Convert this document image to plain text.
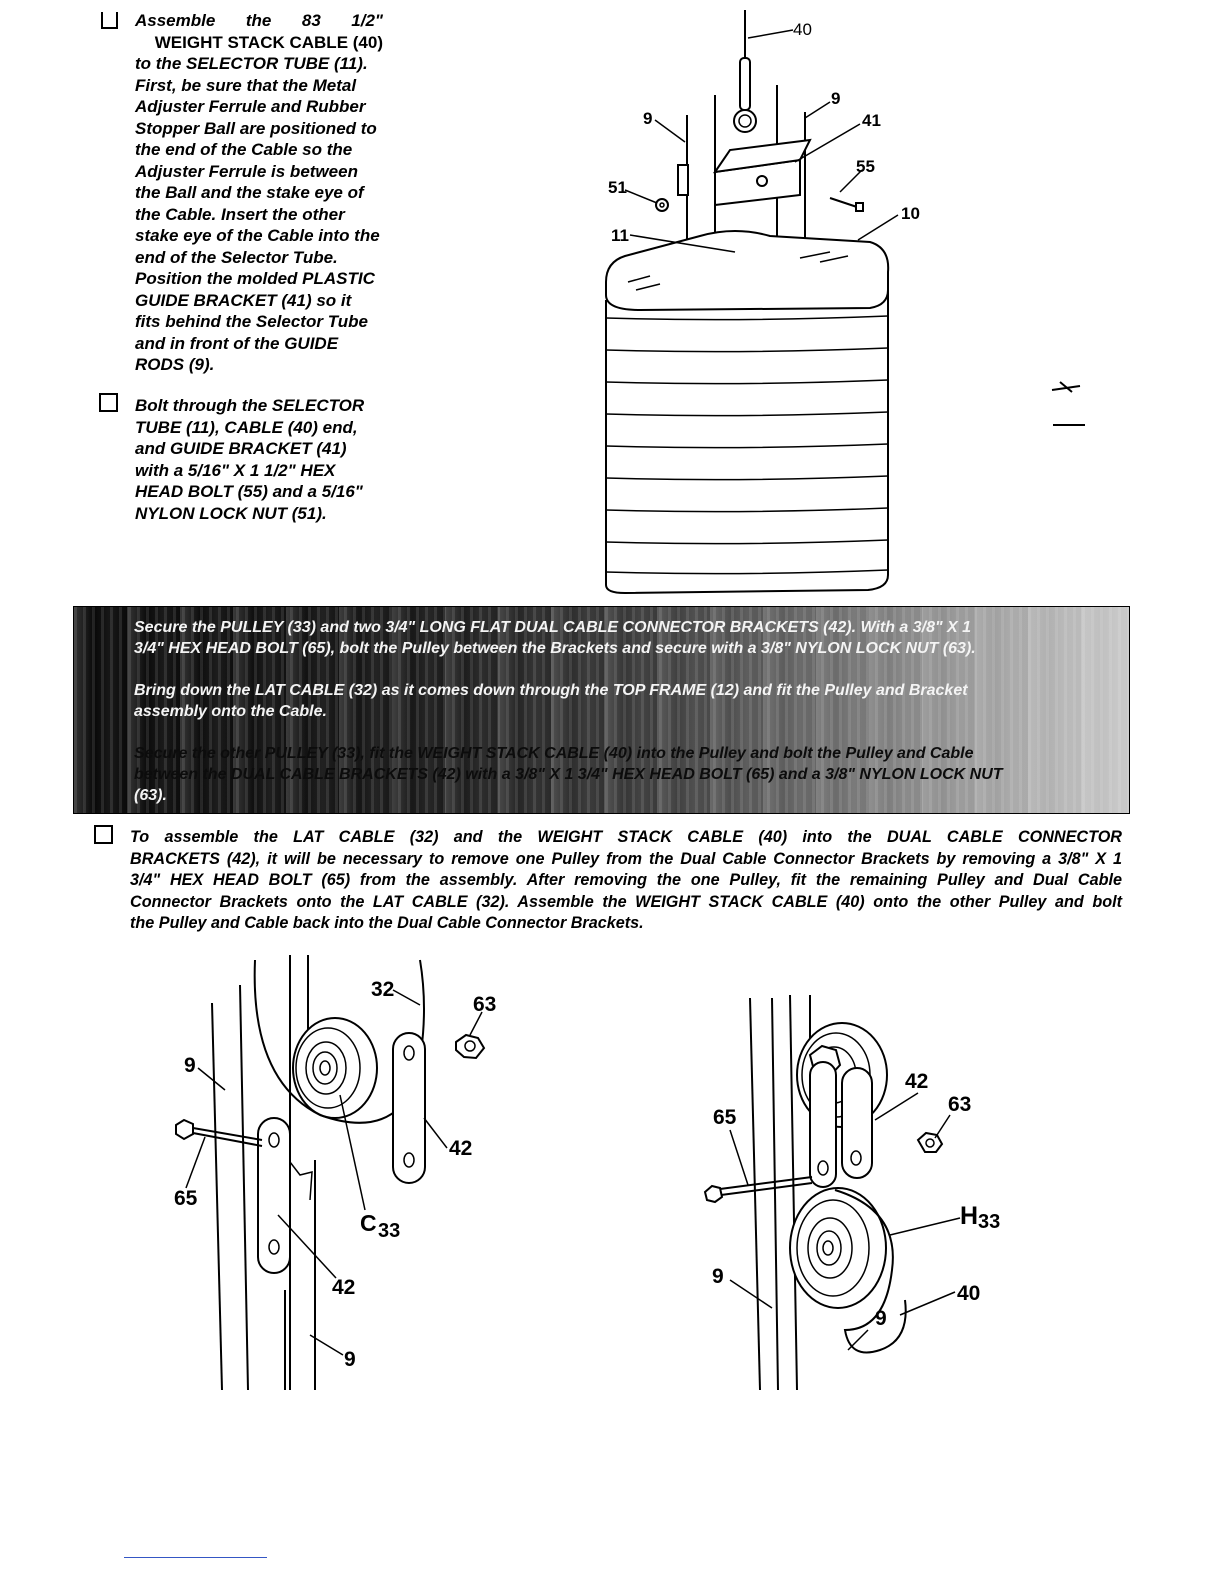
Assemble the 83 1/2"
WEIGHT STACK CABLE (40)
to the SELECTOR TUBE (11).
First, be sure that the Metal
Adjuster Ferrule and Rubber
Stopper Ball are positioned to
the end of the Cable so the
Adjuster Ferrule is between
the Ball and the stake eye of
the Cable. Insert the other
stake eye of the Cable into the
end of the Selector Tube.
Position the molded PLASTIC
GUIDE BRACKET (41) so it
fits behind the Selector Tube
and in front of the GUIDE
RODS (9).
Bolt through the SELECTOR
TUBE (11), CABLE (40) end,
and GUIDE BRACKET (41)
with a 5/16" X 1 1/2" HEX
HEAD BOLT (55) and a 5/16"
NYLON LOCK NUT (51).
40
9
9
41
55
51
10
11
Secure the PULLEY (33) and two 3/4" LONG FLAT DUAL CABLE CONNECTOR BRACKETS (42). With a 3/8" X 1
3/4" HEX HEAD BOLT (65), bolt the Pulley between the Brackets and secure with a 3/8" NYLON LOCK NUT (63).
Bring down the LAT CABLE (32) as it comes down through the TOP FRAME (12) and fit the Pulley and Bracket
assembly onto the Cable.
Secure the other PULLEY (33), fit the WEIGHT STACK CABLE (40) into the Pulley and bolt the Pulley and Cable
between the DUAL CABLE BRACKETS (42) with a 3/8" X 1 3/4" HEX HEAD BOLT (65) and a 3/8" NYLON LOCK NUT
(63).
To assemble the LAT CABLE (32) and the WEIGHT STACK CABLE (40) into the DUAL CABLE CONNECTOR
BRACKETS (42), it will be necessary to remove one Pulley from the Dual Cable Connector Brackets by removing a 3/8" X 1
3/4" HEX HEAD BOLT (65) from the assembly. After removing the one Pulley, fit the remaining Pulley and Dual Cable
Connector Brackets onto the LAT CABLE (32). Assemble the WEIGHT STACK CABLE (40) onto the other Pulley and bolt
the Pulley and Cable back into the Dual Cable Connector Brackets.
32
63
9
65
42
C 33
42
9
65
42
63
H 33
9
40
9
